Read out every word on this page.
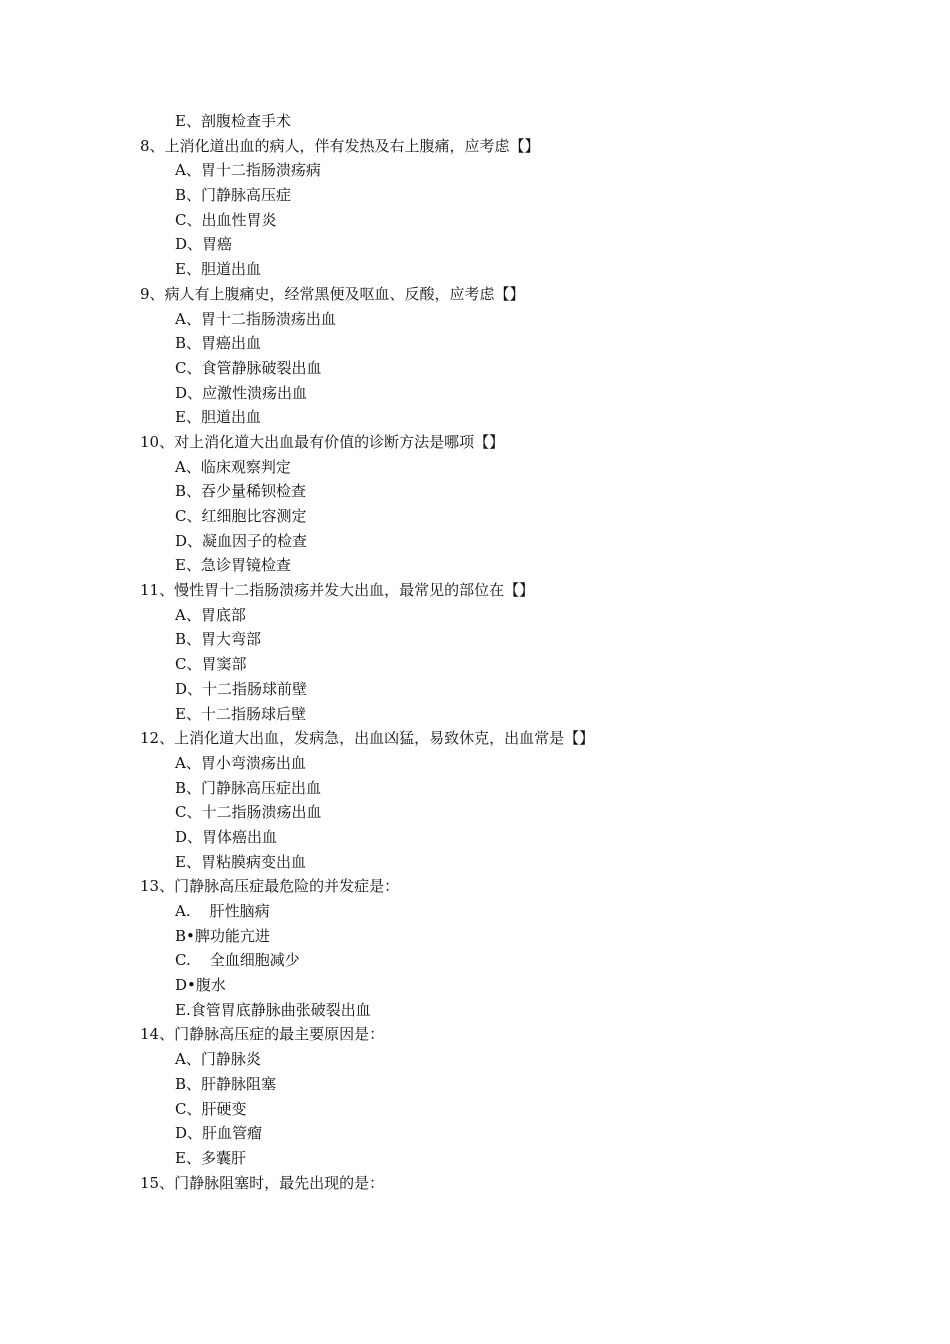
E、剖腹检查手术
8、上消化道出血的病人，伴有发热及右上腹痛，应考虑【】
A、胃十二指肠溃疡病
B、门静脉高压症
C、出血性胃炎
D、胃癌
E、胆道出血
9、病人有上腹痛史，经常黑便及呕血、反酸，应考虑【】
A、胃十二指肠溃疡出血
B、胃癌出血
C、食管静脉破裂出血
D、应激性溃疡出血
E、胆道出血
10、对上消化道大出血最有价值的诊断方法是哪项【】
A、临床观察判定
B、吞少量稀钡检查
C、红细胞比容测定
D、凝血因子的检查
E、急诊胃镜检查
11、慢性胃十二指肠溃疡并发大出血，最常见的部位在【】
A、胃底部
B、胃大弯部
C、胃窦部
D、十二指肠球前壁
E、十二指肠球后壁
12、上消化道大出血，发病急，出血凶猛，易致休克，出血常是【】
A、胃小弯溃疡出血
B、门静脉高压症出血
C、十二指肠溃疡出血
D、胃体癌出血
E、胃粘膜病变出血
13、门静脉高压症最危险的并发症是：
A.    肝性脑病
B•脾功能亢进
C.    全血细胞减少
D•腹水
E.食管胃底静脉曲张破裂出血
14、门静脉高压症的最主要原因是：
A、门静脉炎
B、肝静脉阻塞
C、肝硬变
D、肝血管瘤
E、多囊肝
15、门静脉阻塞时，最先出现的是：
